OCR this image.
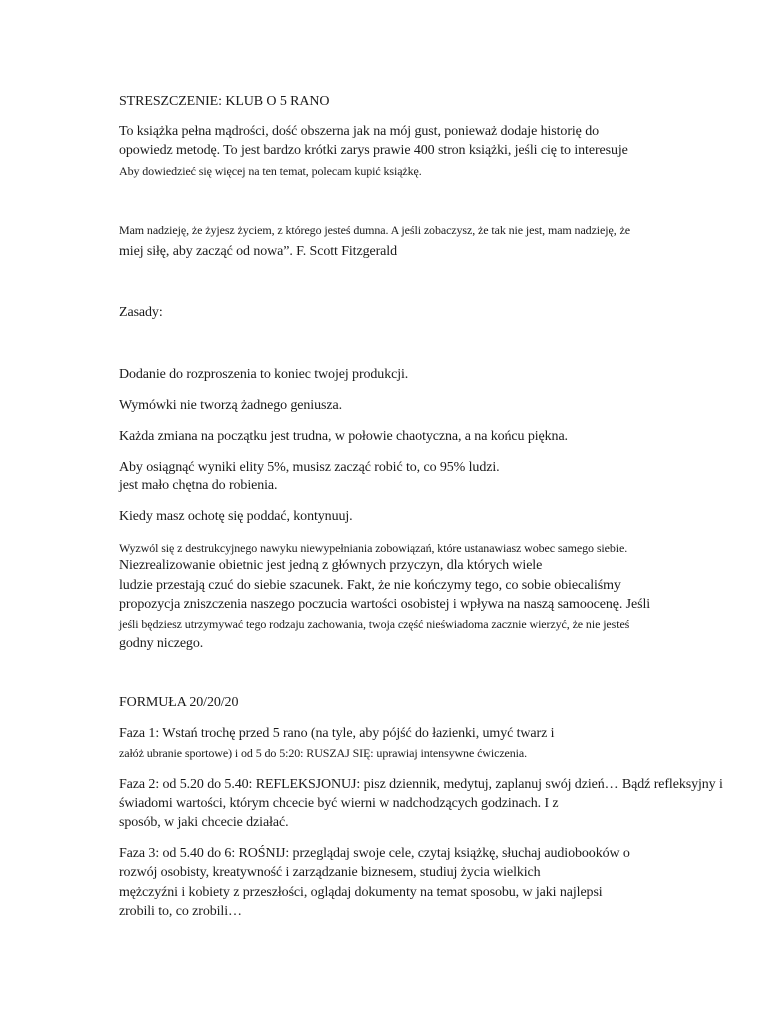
STRESZCZENIE: KLUB O 5 RANO
To książka pełna mądrości, dość obszerna jak na mój gust, ponieważ dodaje historię do
opowiedz metodę. To jest bardzo krótki zarys prawie 400 stron książki, jeśli cię to interesuje
Aby dowiedzieć się więcej na ten temat, polecam kupić książkę.
Mam nadzieję, że żyjesz życiem, z którego jesteś dumna. A jeśli zobaczysz, że tak nie jest, mam nadzieję, że
miej siłę, aby zacząć od nowa”. F. Scott Fitzgerald
Zasady:
Dodanie do rozproszenia to koniec twojej produkcji.
Wymówki nie tworzą żadnego geniusza.
Każda zmiana na początku jest trudna, w połowie chaotyczna, a na końcu piękna.
Aby osiągnąć wyniki elity 5%, musisz zacząć robić to, co 95% ludzi.
jest mało chętna do robienia.
Kiedy masz ochotę się poddać, kontynuuj.
Wyzwól się z destrukcyjnego nawyku niewypełniania zobowiązań, które ustanawiasz wobec samego siebie.
Niezrealizowanie obietnic jest jedną z głównych przyczyn, dla których wiele
ludzie przestają czuć do siebie szacunek. Fakt, że nie kończymy tego, co sobie obiecaliśmy
propozycja zniszczenia naszego poczucia wartości osobistej i wpływa na naszą samoocenę. Jeśli
jeśli będziesz utrzymywać tego rodzaju zachowania, twoja część nieświadoma zacznie wierzyć, że nie jesteś
godny niczego.
FORMUŁA 20/20/20
Faza 1: Wstań trochę przed 5 rano (na tyle, aby pójść do łazienki, umyć twarz i
załóż ubranie sportowe) i od 5 do 5:20: RUSZAJ SIĘ: uprawiaj intensywne ćwiczenia.
Faza 2: od 5.20 do 5.40: REFLEKSJONUJ: pisz dziennik, medytuj, zaplanuj swój dzień… Bądź refleksyjny i
świadomi wartości, którym chcecie być wierni w nadchodzących godzinach. I z
sposób, w jaki chcecie działać.
Faza 3: od 5.40 do 6: ROŚNIJ: przeglądaj swoje cele, czytaj książkę, słuchaj audiobooków o
rozwój osobisty, kreatywność i zarządzanie biznesem, studiuj życia wielkich
mężczyźni i kobiety z przeszłości, oglądaj dokumenty na temat sposobu, w jaki najlepsi
zrobili to, co zrobili…
